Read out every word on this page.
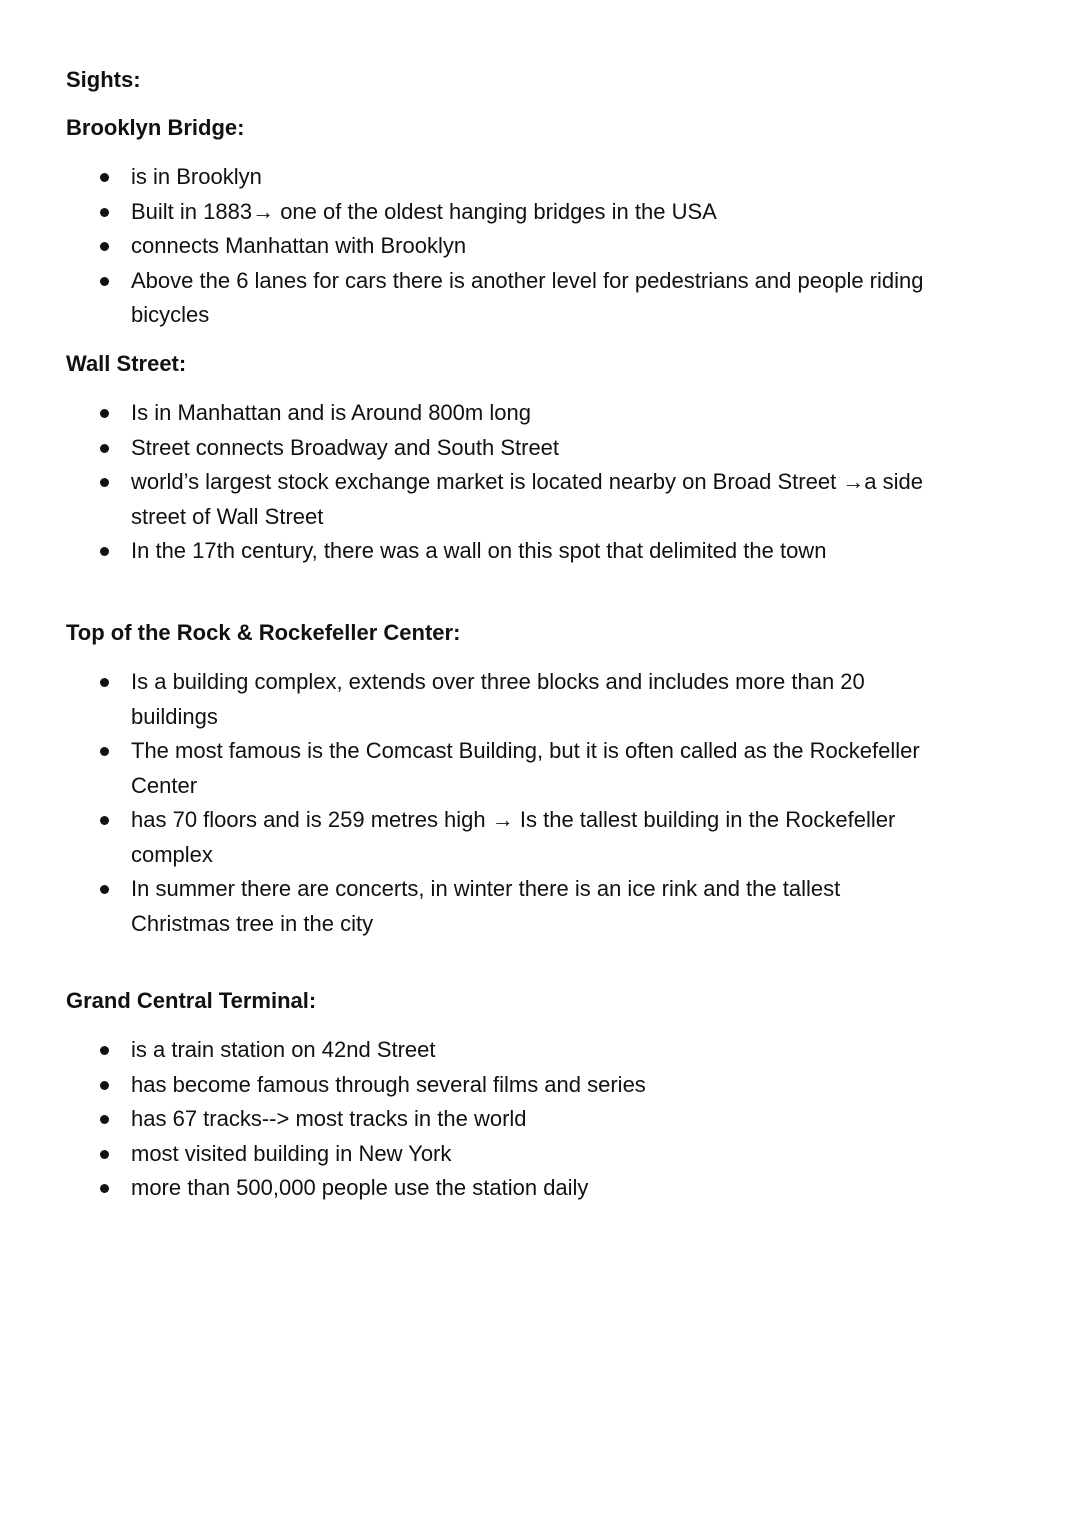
Sights:
Brooklyn Bridge:
is in Brooklyn
Built in 1883→ one of the oldest hanging bridges in the USA
connects Manhattan with Brooklyn
Above the 6 lanes for cars there is another level for pedestrians and people riding
bicycles
Wall Street:
Is in Manhattan and is Around 800m long
Street connects Broadway and South Street
world’s largest stock exchange market is located nearby on Broad Street →a side
street of Wall Street
In the 17th century, there was a wall on this spot that delimited the town
Top of the Rock & Rockefeller Center:
Is a building complex, extends over three blocks and includes more than 20
buildings
The most famous is the Comcast Building, but it is often called as the Rockefeller
Center
has 70 floors and is 259 metres high → Is the tallest building in the Rockefeller
complex
In summer there are concerts, in winter there is an ice rink and the tallest
Christmas tree in the city
Grand Central Terminal:
is a train station on 42nd Street
has become famous through several films and series
has 67 tracks--> most tracks in the world
most visited building in New York
more than 500,000 people use the station daily
